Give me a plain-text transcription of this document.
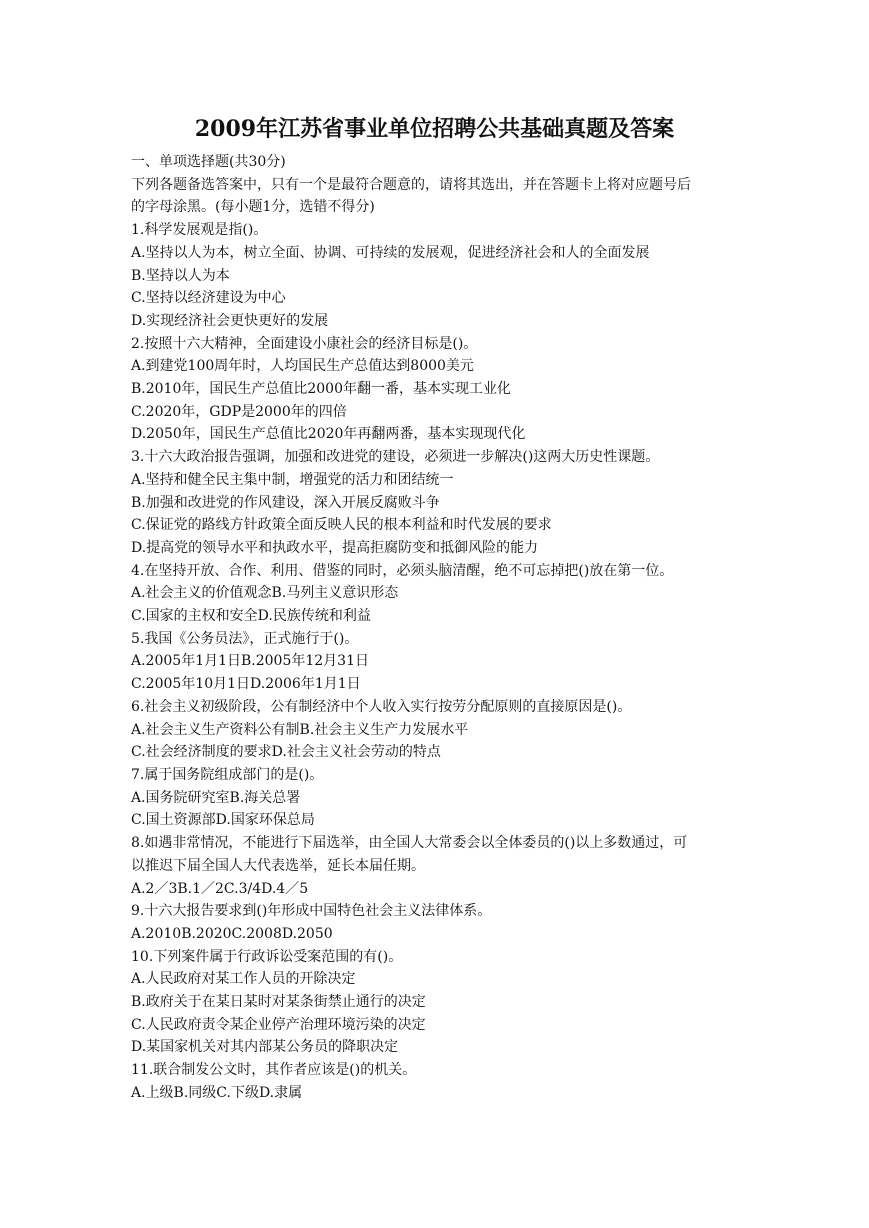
2009年江苏省事业单位招聘公共基础真题及答案

一、单项选择题(共30分)

下列各题备选答案中，只有一个是最符合题意的，请将其选出，并在答题卡上将对应题号后

的字母涂黑。(每小题1分，选错不得分)

1.科学发展观是指()。

A.坚持以人为本，树立全面、协调、可持续的发展观，促进经济社会和人的全面发展

B.坚持以人为本

C.坚持以经济建设为中心

D.实现经济社会更快更好的发展

2.按照十六大精神，全面建设小康社会的经济目标是()。

A.到建党100周年时，人均国民生产总值达到8000美元

B.2010年，国民生产总值比2000年翻一番，基本实现工业化

C.2020年，GDP是2000年的四倍

D.2050年，国民生产总值比2020年再翻两番，基本实现现代化

3.十六大政治报告强调，加强和改进党的建设，必须进一步解决()这两大历史性课题。

A.坚持和健全民主集中制，增强党的活力和团结统一

B.加强和改进党的作风建设，深入开展反腐败斗争

C.保证党的路线方针政策全面反映人民的根本利益和时代发展的要求

D.提高党的领导水平和执政水平，提高拒腐防变和抵御风险的能力

4.在坚持开放、合作、利用、借鉴的同时，必须头脑清醒，绝不可忘掉把()放在第一位。

A.社会主义的价值观念B.马列主义意识形态

C.国家的主权和安全D.民族传统和利益

5.我国《公务员法》，正式施行于()。

A.2005年1月1日B.2005年12月31日

C.2005年10月1日D.2006年1月1日

6.社会主义初级阶段，公有制经济中个人收入实行按劳分配原则的直接原因是()。

A.社会主义生产资料公有制B.社会主义生产力发展水平

C.社会经济制度的要求D.社会主义社会劳动的特点

7.属于国务院组成部门的是()。

A.国务院研究室B.海关总署

C.国土资源部D.国家环保总局

8.如遇非常情况，不能进行下届选举，由全国人大常委会以全体委员的()以上多数通过，可

以推迟下届全国人大代表选举，延长本届任期。

A.2／3B.1／2C.3/4D.4／5

9.十六大报告要求到()年形成中国特色社会主义法律体系。

A.2010B.2020C.2008D.2050

10.下列案件属于行政诉讼受案范围的有()。

A.人民政府对某工作人员的开除决定

B.政府关于在某日某时对某条街禁止通行的决定

C.人民政府责令某企业停产治理环境污染的决定

D.某国家机关对其内部某公务员的降职决定

11.联合制发公文时，其作者应该是()的机关。

A.上级B.同级C.下级D.隶属
